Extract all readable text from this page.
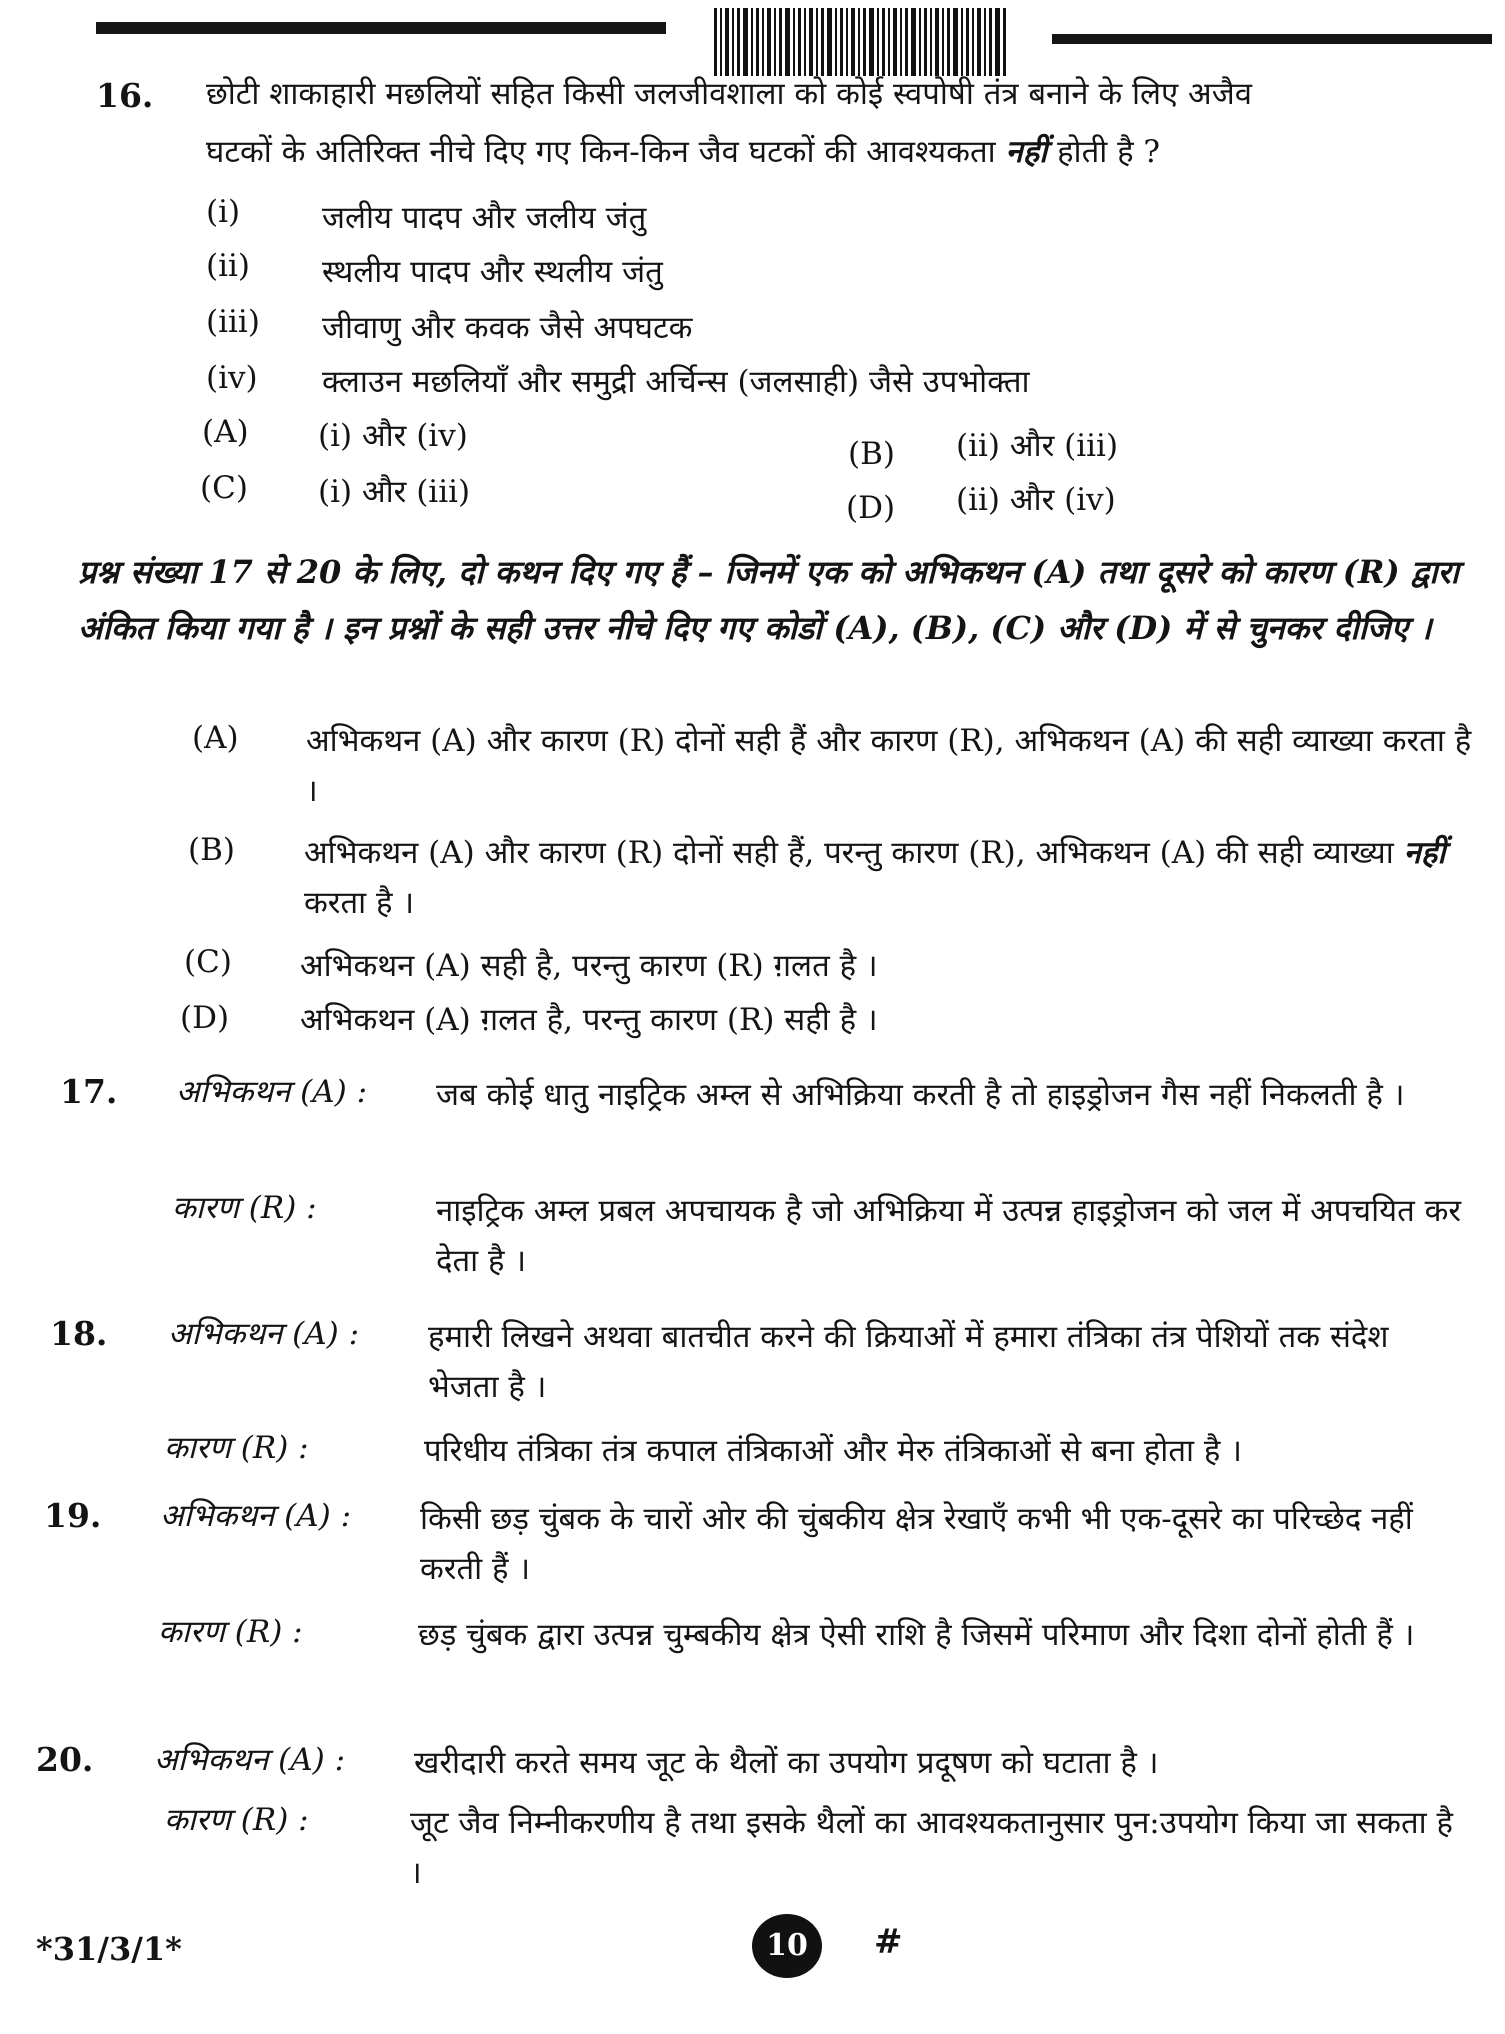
16. छोटी शाकाहारी मछलियों सहित किसी जलजीवशाला को कोई स्वपोषी तंत्र बनाने के लिए अजैव
घटकों के अतिरिक्त नीचे दिए गए किन-किन जैव घटकों की आवश्यकता नहीं होती है ?
(i)	जलीय पादप और जलीय जंतु
(ii) स्थलीय पादप और स्थलीय जंतु
(iii) जीवाणु और कवक जैसे अपघटक
(iv) क्लाउन मछलियाँ और समुद्री अर्चिन्स (जलसाही) जैसे उपभोक्ता
(A) (i) और (iv)	(B) (ii) और (iii)
(C) (i) और (iii)	(D) (ii) और (iv)
प्रश्न संख्या 17 से 20 के लिए, दो कथन दिए गए हैं – जिनमें एक को अभिकथन (A) तथा दूसरे को कारण (R) द्वारा अंकित किया गया है । इन प्रश्नों के सही उत्तर नीचे दिए गए कोडों (A), (B), (C) और (D) में से चुनकर दीजिए ।
(A) अभिकथन (A) और कारण (R) दोनों सही हैं और कारण (R), अभिकथन (A) की सही व्याख्या करता है ।
(B) अभिकथन (A) और कारण (R) दोनों सही हैं, परन्तु कारण (R), अभिकथन (A) की सही व्याख्या नहीं करता है ।
(C) अभिकथन (A) सही है, परन्तु कारण (R) ग़लत है ।
(D) अभिकथन (A) ग़लत है, परन्तु कारण (R) सही है ।
17. अभिकथन (A) : जब कोई धातु नाइट्रिक अम्ल से अभिक्रिया करती है तो हाइड्रोजन गैस नहीं निकलती है ।
कारण (R) :	नाइट्रिक अम्ल प्रबल अपचायक है जो अभिक्रिया में उत्पन्न हाइड्रोजन को जल में अपचयित कर देता है ।
18. अभिकथन (A) : हमारी लिखने अथवा बातचीत करने की क्रियाओं में हमारा तंत्रिका तंत्र पेशियों तक संदेश भेजता है ।
कारण (R) :	परिधीय तंत्रिका तंत्र कपाल तंत्रिकाओं और मेरु तंत्रिकाओं से बना होता है ।
19. अभिकथन (A) : किसी छड़ चुंबक के चारों ओर की चुंबकीय क्षेत्र रेखाएँ कभी भी एक-दूसरे का परिच्छेद नहीं करती हैं ।
कारण (R) :	छड़ चुंबक द्वारा उत्पन्न चुम्बकीय क्षेत्र ऐसी राशि है जिसमें परिमाण और दिशा दोनों होती हैं ।
20. अभिकथन (A) : खरीदारी करते समय जूट के थैलों का उपयोग प्रदूषण को घटाता है ।
कारण (R) :	जूट जैव निम्नीकरणीय है तथा इसके थैलों का आवश्यकतानुसार पुन:उपयोग किया जा सकता है ।
*31/3/1*	10	#
